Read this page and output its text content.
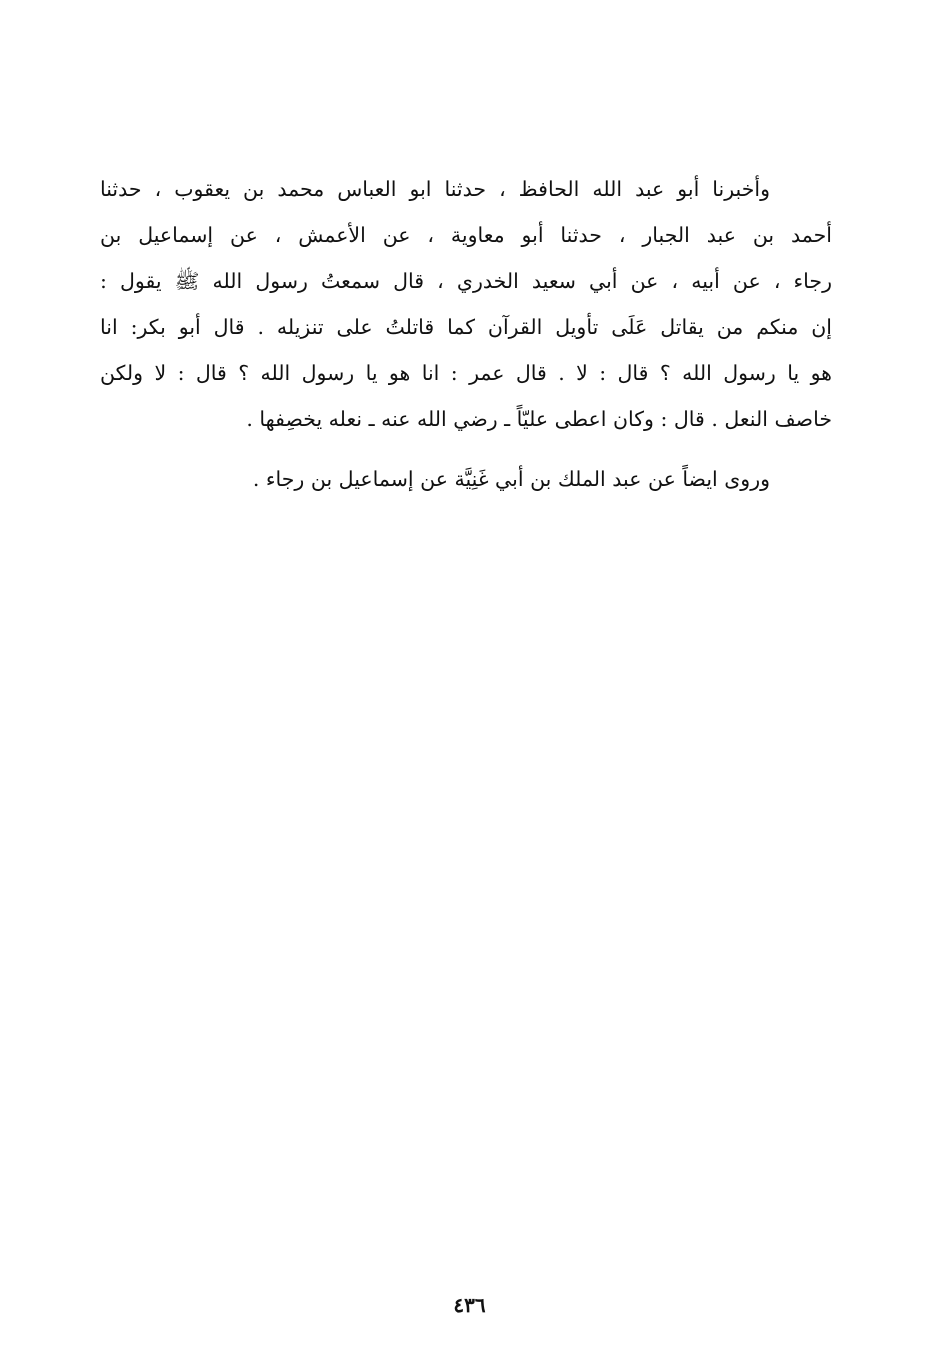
وأخبرنا أبو عبد الله الحافظ ، حدثنا ابو العباس محمد بن يعقوب ، حدثنا
أحمد بن عبد الجبار ، حدثنا أبو معاوية ، عن الأعمش ، عن إسماعيل بن
رجاء ، عن أبيه ، عن أبي سعيد الخدري ، قال سمعتُ رسول الله ﷺ يقول :
إن منكم من يقاتل عَلَى تأويل القرآن كما قاتلتُ على تنزيله . قال أبو بكر: انا
هو يا رسول الله ؟ قال : لا . قال عمر : انا هو يا رسول الله ؟ قال : لا ولكن
خاصف النعل . قال : وكان اعطى عليّاً ـ رضي الله عنه ـ نعله يخصِفها .

وروى ايضاً عن عبد الملك بن أبي غَنِيَّة عن إسماعيل بن رجاء .

٤٣٦
